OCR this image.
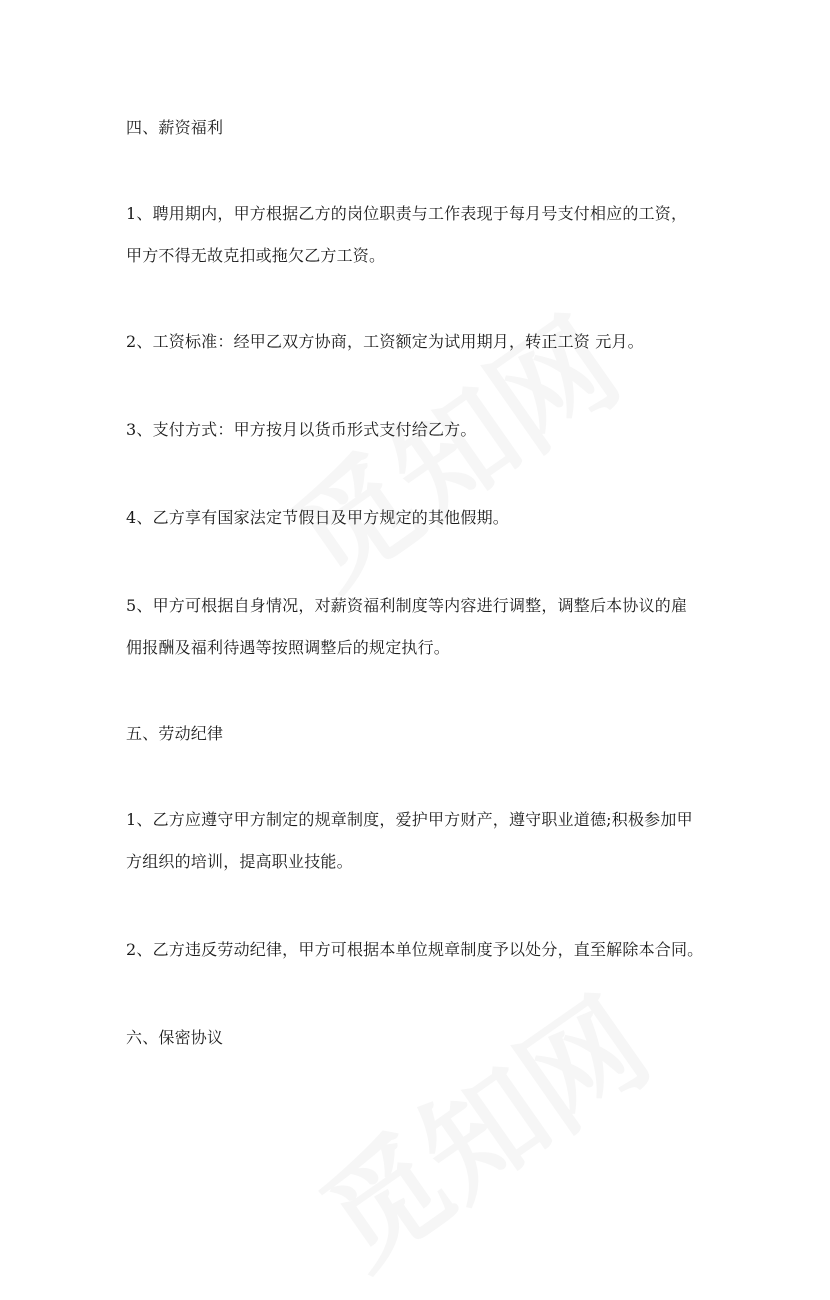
四、薪资福利
1、聘用期内，甲方根据乙方的岗位职责与工作表现于每月号支付相应的工资，
甲方不得无故克扣或拖欠乙方工资。
2、工资标准：经甲乙双方协商，工资额定为试用期月，转正工资 元月。
3、支付方式：甲方按月以货币形式支付给乙方。
4、乙方享有国家法定节假日及甲方规定的其他假期。
5、甲方可根据自身情况，对薪资福利制度等内容进行调整，调整后本协议的雇
佣报酬及福利待遇等按照调整后的规定执行。
五、劳动纪律
1、乙方应遵守甲方制定的规章制度，爱护甲方财产，遵守职业道德;积极参加甲
方组织的培训，提高职业技能。
2、乙方违反劳动纪律，甲方可根据本单位规章制度予以处分，直至解除本合同。
六、保密协议
